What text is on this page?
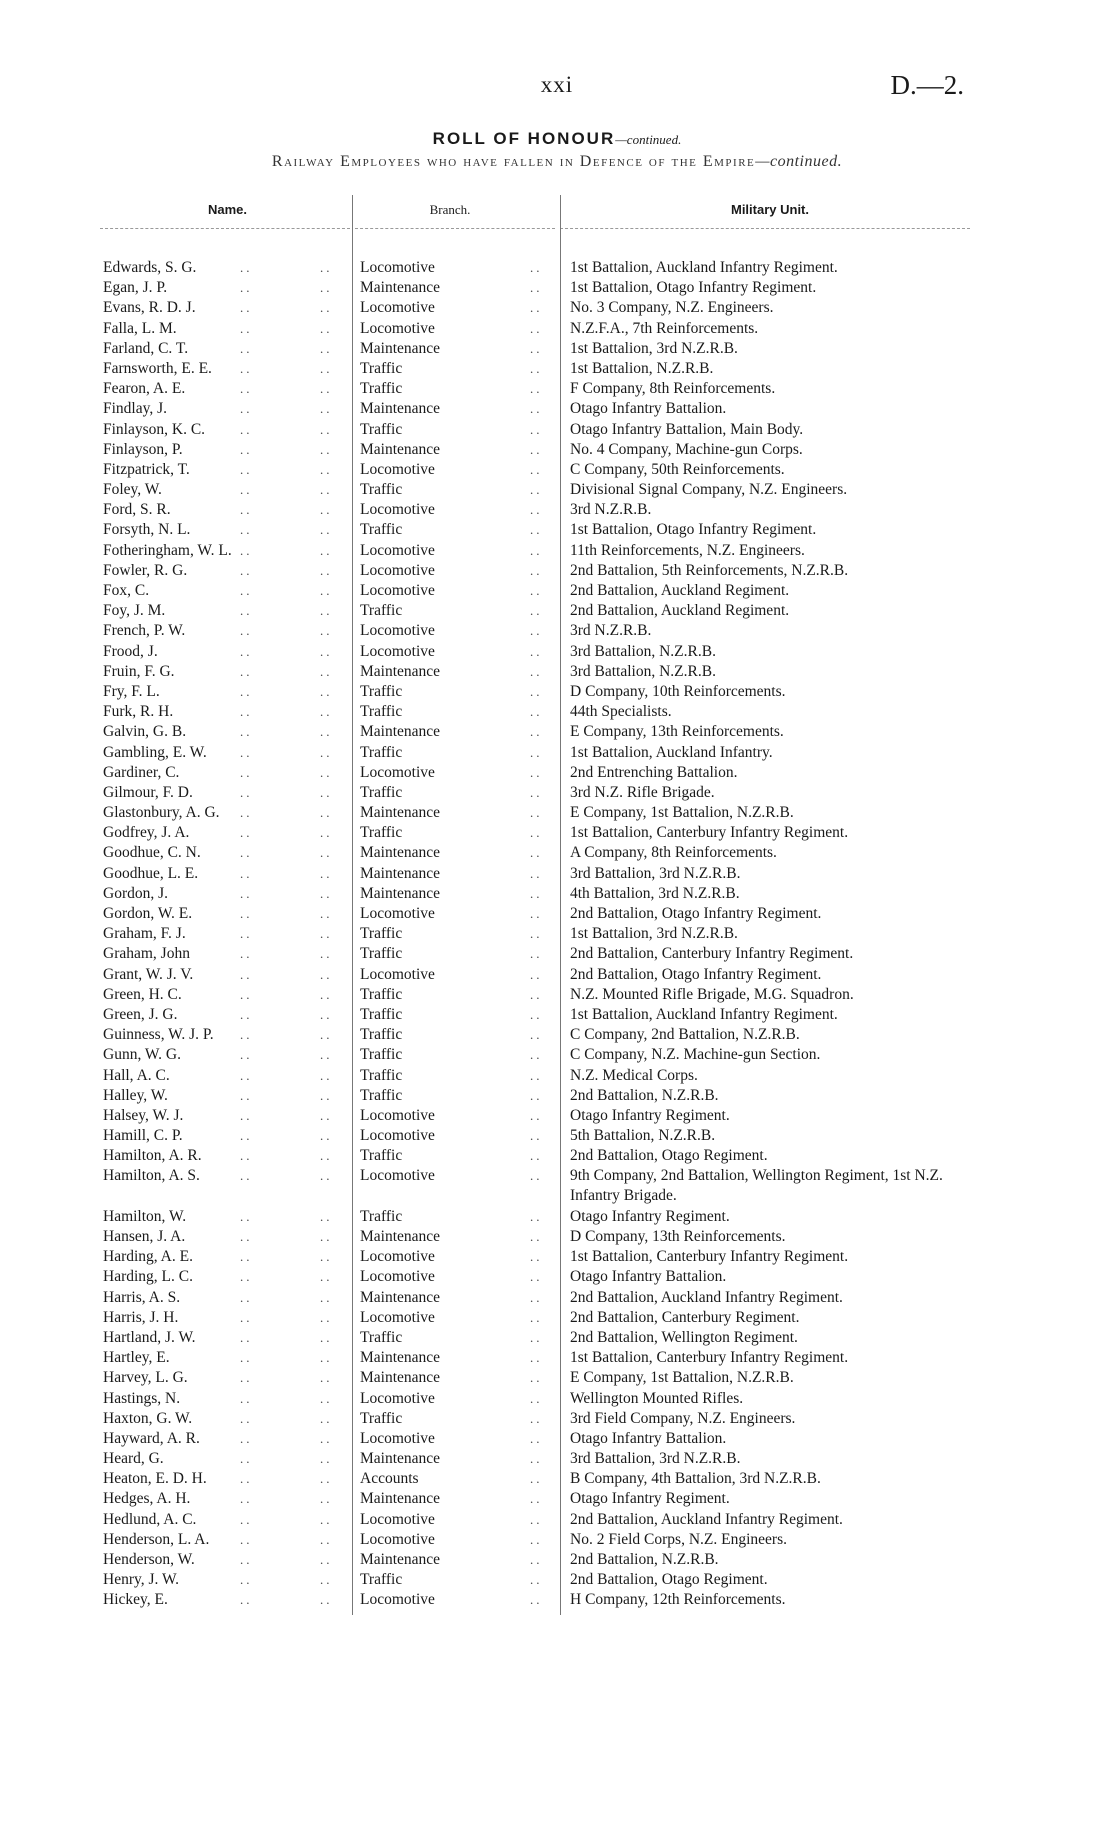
xxi	D.—2.
ROLL OF HONOUR—continued.
Railway Employees who have fallen in Defence of the Empire—continued.
Name.	Branch.	Military Unit.
Edwards, S. G.	..	.. Locomotive	.. 1st Battalion, Auckland Infantry Regiment.
Egan, J. P.	..	.. Maintenance	.. 1st Battalion, Otago Infantry Regiment.
Evans, R. D. J.	..	.. Locomotive	.. No. 3 Company, N.Z. Engineers.
Falla, L. M.	..	.. Locomotive	.. N.Z.F.A., 7th Reinforcements.
Farland, C. T.	..	.. Maintenance	.. 1st Battalion, 3rd N.Z.R.B.
Farnsworth, E. E. ..	.. Traffic	.. 1st Battalion, N.Z.R.B.
Fearon, A. E.	..	.. Traffic	.. F Company, 8th Reinforcements.
Findlay, J.	..	.. Maintenance	.. Otago Infantry Battalion.
Finlayson, K. C.	..	.. Traffic	.. Otago Infantry Battalion, Main Body.
Finlayson, P.	..	.. Maintenance	.. No. 4 Company, Machine-gun Corps.
Fitzpatrick, T.	..	.. Locomotive	.. C Company, 50th Reinforcements.
Foley, W.	..	.. Traffic	.. Divisional Signal Company, N.Z. Engineers.
Ford, S. R.	..	.. Locomotive	.. 3rd N.Z.R.B.
Forsyth, N. L.	..	.. Traffic	.. 1st Battalion, Otago Infantry Regiment.
Fotheringham, W. L. ..	.. Locomotive	.. 11th Reinforcements, N.Z. Engineers.
Fowler, R. G.	..	.. Locomotive	.. 2nd Battalion, 5th Reinforcements, N.Z.R.B.
Fox, C.	..	.. Locomotive	.. 2nd Battalion, Auckland Regiment.
Foy, J. M.	..	.. Traffic	.. 2nd Battalion, Auckland Regiment.
French, P. W.	..	.. Locomotive	.. 3rd N.Z.R.B.
Frood, J.	..	.. Locomotive	.. 3rd Battalion, N.Z.R.B.
Fruin, F. G.	..	.. Maintenance	.. 3rd Battalion, N.Z.R.B.
Fry, F. L.	..	.. Traffic	.. D Company, 10th Reinforcements.
Furk, R. H.	..	.. Traffic	.. 44th Specialists.
Galvin, G. B.	..	.. Maintenance	.. E Company, 13th Reinforcements.
Gambling, E. W.	..	.. Traffic	.. 1st Battalion, Auckland Infantry.
Gardiner, C.	..	.. Locomotive	.. 2nd Entrenching Battalion.
Gilmour, F. D.	..	.. Traffic	.. 3rd N.Z. Rifle Brigade.
Glastonbury, A. G. ..	.. Maintenance	.. E Company, 1st Battalion, N.Z.R.B.
Godfrey, J. A.	..	.. Traffic	.. 1st Battalion, Canterbury Infantry Regiment.
Goodhue, C. N.	..	.. Maintenance	.. A Company, 8th Reinforcements.
Goodhue, L. E.	..	.. Maintenance	.. 3rd Battalion, 3rd N.Z.R.B.
Gordon, J.	..	.. Maintenance	.. 4th Battalion, 3rd N.Z.R.B.
Gordon, W. E.	..	.. Locomotive	.. 2nd Battalion, Otago Infantry Regiment.
Graham, F. J.	..	.. Traffic	.. 1st Battalion, 3rd N.Z.R.B.
Graham, John	..	.. Traffic	.. 2nd Battalion, Canterbury Infantry Regiment.
Grant, W. J. V.	..	.. Locomotive	.. 2nd Battalion, Otago Infantry Regiment.
Green, H. C.	..	.. Traffic	.. N.Z. Mounted Rifle Brigade, M.G. Squadron.
Green, J. G.	..	.. Traffic	.. 1st Battalion, Auckland Infantry Regiment.
Guinness, W. J. P. ..	.. Traffic	.. C Company, 2nd Battalion, N.Z.R.B.
Gunn, W. G.	..	.. Traffic	.. C Company, N.Z. Machine-gun Section.
Hall, A. C.	..	.. Traffic	.. N.Z. Medical Corps.
Halley, W.	..	.. Traffic	.. 2nd Battalion, N.Z.R.B.
Halsey, W. J.	..	.. Locomotive	.. Otago Infantry Regiment.
Hamill, C. P.	..	.. Locomotive	.. 5th Battalion, N.Z.R.B.
Hamilton, A. R.	..	.. Traffic	.. 2nd Battalion, Otago Regiment.
Hamilton, A. S.	..	.. Locomotive	.. 9th Company, 2nd Battalion, Wellington Regiment, 1st N.Z. Infantry Brigade.
Hamilton, W.	..	.. Traffic	.. Otago Infantry Regiment.
Hansen, J. A.	..	.. Maintenance	.. D Company, 13th Reinforcements.
Harding, A. E.	..	.. Locomotive	.. 1st Battalion, Canterbury Infantry Regiment.
Harding, L. C.	..	.. Locomotive	.. Otago Infantry Battalion.
Harris, A. S.	..	.. Maintenance	.. 2nd Battalion, Auckland Infantry Regiment.
Harris, J. H.	..	.. Locomotive	.. 2nd Battalion, Canterbury Regiment.
Hartland, J. W.	..	.. Traffic	.. 2nd Battalion, Wellington Regiment.
Hartley, E.	..	.. Maintenance	.. 1st Battalion, Canterbury Infantry Regiment.
Harvey, L. G.	..	.. Maintenance	.. E Company, 1st Battalion, N.Z.R.B.
Hastings, N.	..	.. Locomotive	.. Wellington Mounted Rifles.
Haxton, G. W.	..	.. Traffic	.. 3rd Field Company, N.Z. Engineers.
Hayward, A. R.	..	.. Locomotive	.. Otago Infantry Battalion.
Heard, G.	..	.. Maintenance	.. 3rd Battalion, 3rd N.Z.R.B.
Heaton, E. D. H.	..	.. Accounts	.. B Company, 4th Battalion, 3rd N.Z.R.B.
Hedges, A. H.	..	.. Maintenance	.. Otago Infantry Regiment.
Hedlund, A. C.	..	.. Locomotive	.. 2nd Battalion, Auckland Infantry Regiment.
Henderson, L. A. ..	.. Locomotive	.. No. 2 Field Corps, N.Z. Engineers.
Henderson, W.	..	.. Maintenance	.. 2nd Battalion, N.Z.R.B.
Henry, J. W.	..	.. Traffic	.. 2nd Battalion, Otago Regiment.
Hickey, E.	..	.. Locomotive	.. H Company, 12th Reinforcements.
